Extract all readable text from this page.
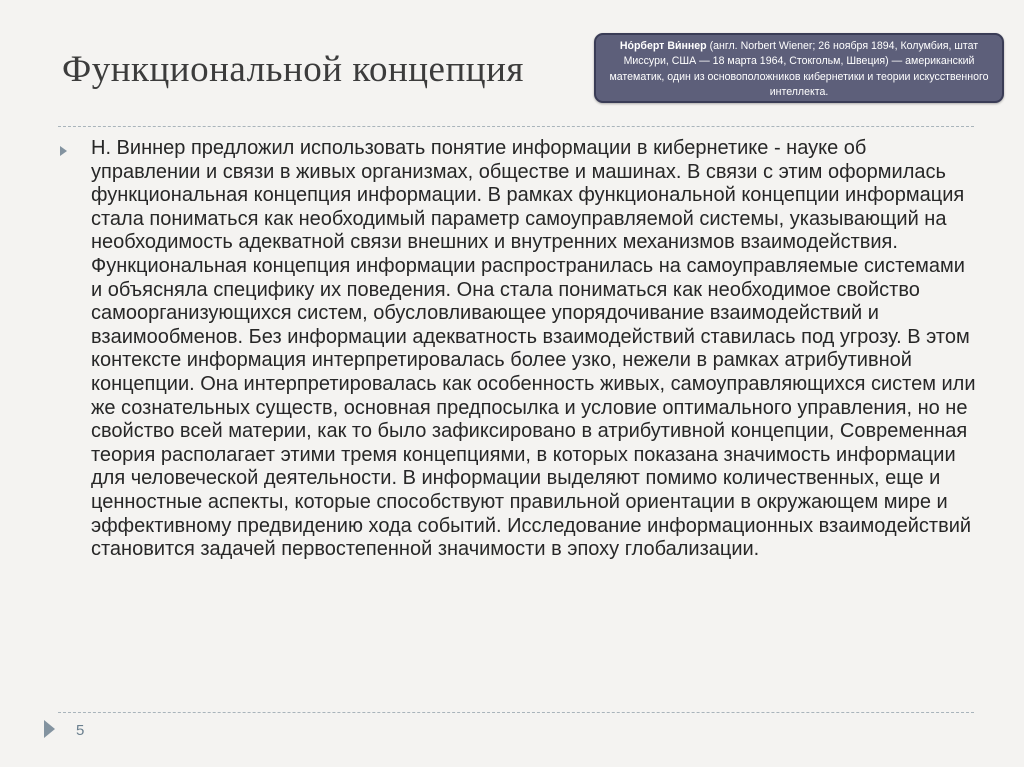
Функциональной концепция
Но́рберт Ви́ннер (англ. Norbert Wiener; 26 ноября 1894, Колумбия, штат Миссури, США — 18 марта 1964, Стокгольм, Швеция) — американский математик, один из основоположников кибернетики и теории искусственного интеллекта.
Н. Виннер предложил использовать понятие информации в кибернетике - науке об управлении и связи в живых организмах, обществе и машинах. В связи с этим оформилась функциональная концепция информации. В рамках функциональной концепции информация стала пониматься как необходимый параметр самоуправляемой системы, указывающий на необходимость адекватной связи внешних и внутренних механизмов взаимодействия. Функциональная концепция информации распространилась на самоуправляемые системами и объясняла специфику их поведения. Она стала пониматься как необходимое свойство самоорганизующихся систем, обусловливающее упорядочивание взаимодействий и взаимообменов. Без информации адекватность взаимодействий ставилась под угрозу. В этом контексте информация интерпретировалась более узко, нежели в рамках атрибутивной концепции. Она интерпретировалась как особенность живых, самоуправляющихся систем или же сознательных существ, основная предпосылка и условие оптимального управления, но не свойство всей материи, как то было зафиксировано в атрибутивной концепции, Современная теория располагает этими тремя концепциями, в которых показана значимость информации для человеческой деятельности. В информации выделяют помимо количественных, еще и ценностные аспекты, которые способствуют правильной ориентации в окружающем мире и эффективному предвидению хода событий. Исследование информационных взаимодействий становится задачей первостепенной значимости в эпоху глобализации.
5
